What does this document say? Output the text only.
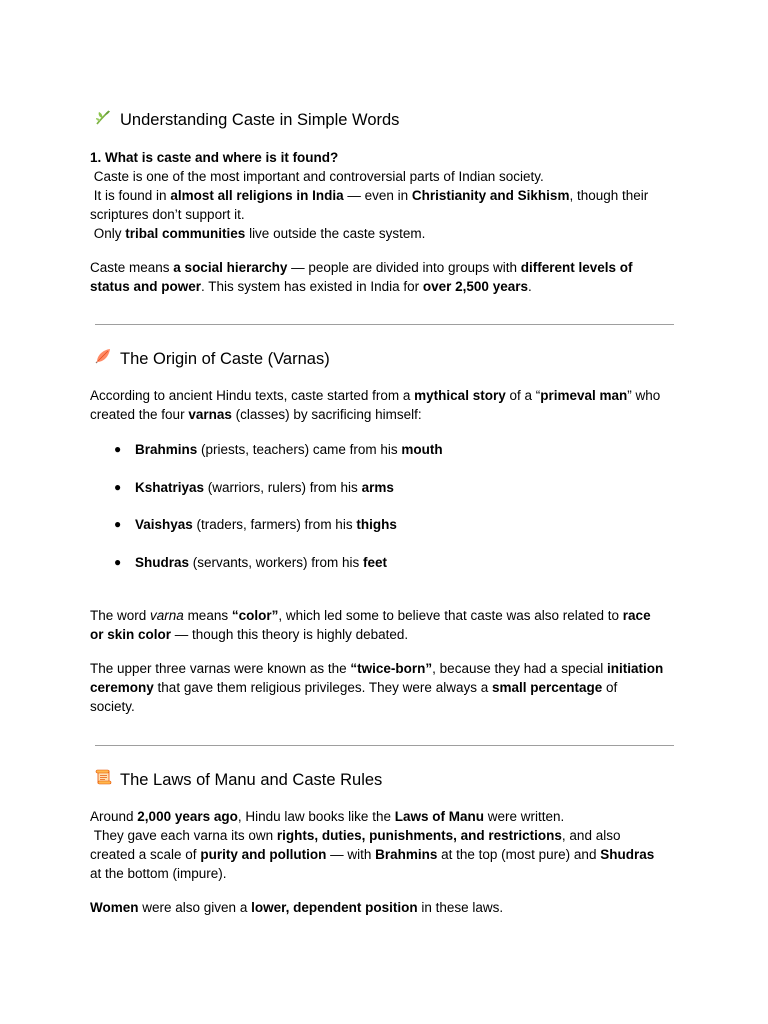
Understanding Caste in Simple Words

1. What is caste and where is it found?

Caste is one of the most important and controversial parts of Indian society.

It is found in almost all religions in India — even in Christianity and Sikhism, though their

scriptures don’t support it.

Only tribal communities live outside the caste system.

Caste means a social hierarchy — people are divided into groups with different levels of
status and power. This system has existed in India for over 2,500 years.

The Origin of Caste (Varnas)

According to ancient Hindu texts, caste started from a mythical story of a “primeval man” who
created the four varnas (classes) by sacrificing himself:

● Brahmins (priests, teachers) came from his mouth
● Kshatriyas (warriors, rulers) from his arms
● Vaishyas (traders, farmers) from his thighs
● Shudras (servants, workers) from his feet

The word varna means “color”, which led some to believe that caste was also related to race
or skin color — though this theory is highly debated.

The upper three varnas were known as the “twice-born”, because they had a special initiation
ceremony that gave them religious privileges. They were always a small percentage of
society.

The Laws of Manu and Caste Rules

Around 2,000 years ago, Hindu law books like the Laws of Manu were written.
They gave each varna its own rights, duties, punishments, and restrictions, and also
created a scale of purity and pollution — with Brahmins at the top (most pure) and Shudras
at the bottom (impure).

Women were also given a lower, dependent position in these laws.
